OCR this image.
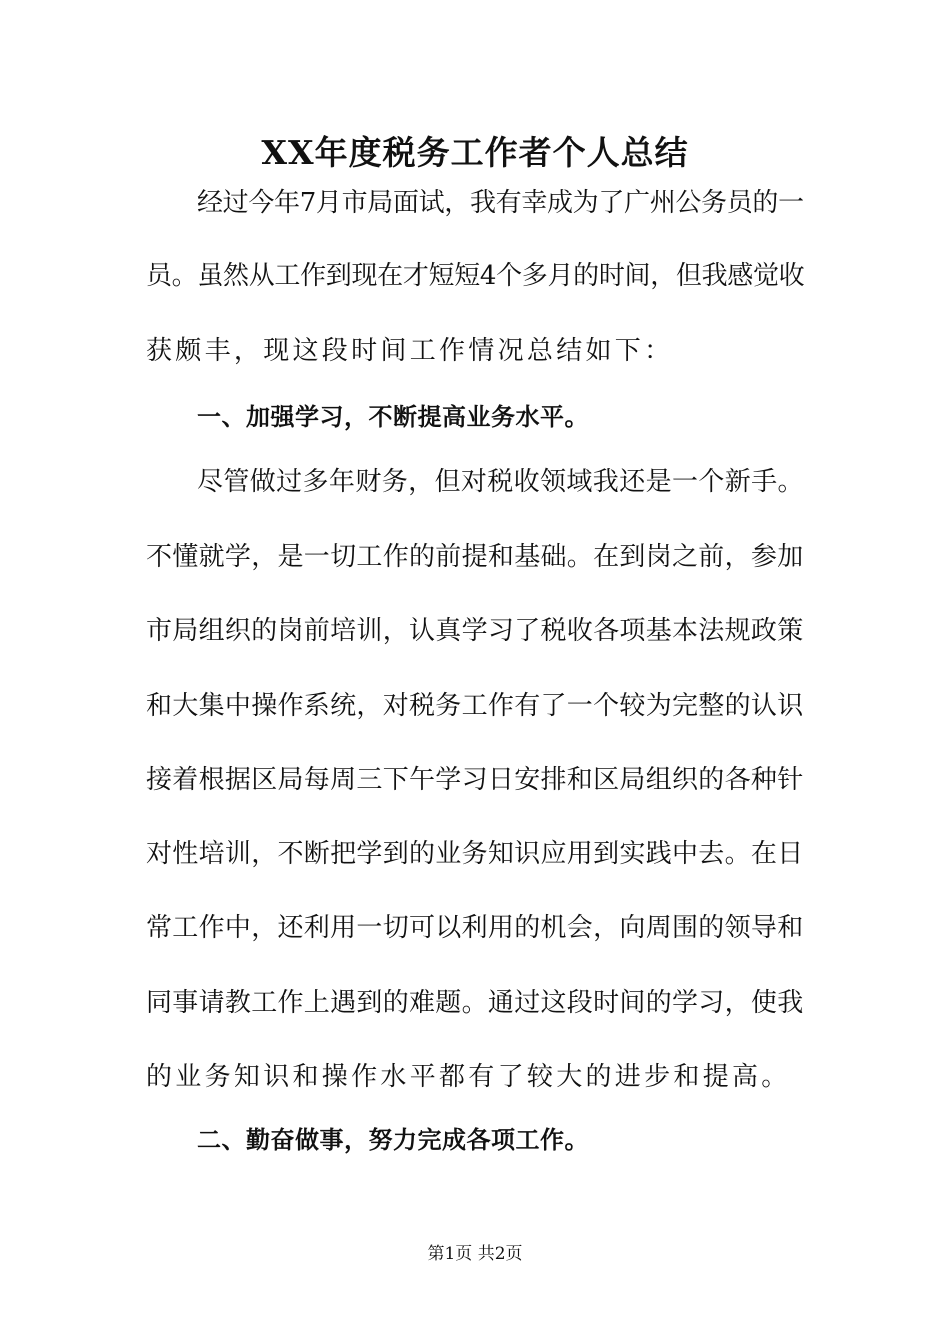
XX年度税务工作者个人总结
经过今年7月市局面试，我有幸成为了广州公务员的一
员。虽然从工作到现在才短短4个多月的时间，但我感觉收
获颇丰，现这段时间工作情况总结如下：
一、加强学习，不断提高业务水平。
尽管做过多年财务，但对税收领域我还是一个新手。
不懂就学，是一切工作的前提和基础。在到岗之前，参加
市局组织的岗前培训，认真学习了税收各项基本法规政策
和大集中操作系统，对税务工作有了一个较为完整的认识
接着根据区局每周三下午学习日安排和区局组织的各种针
对性培训，不断把学到的业务知识应用到实践中去。在日
常工作中，还利用一切可以利用的机会，向周围的领导和
同事请教工作上遇到的难题。通过这段时间的学习，使我
的业务知识和操作水平都有了较大的进步和提高。
二、勤奋做事，努力完成各项工作。
第1页 共2页
